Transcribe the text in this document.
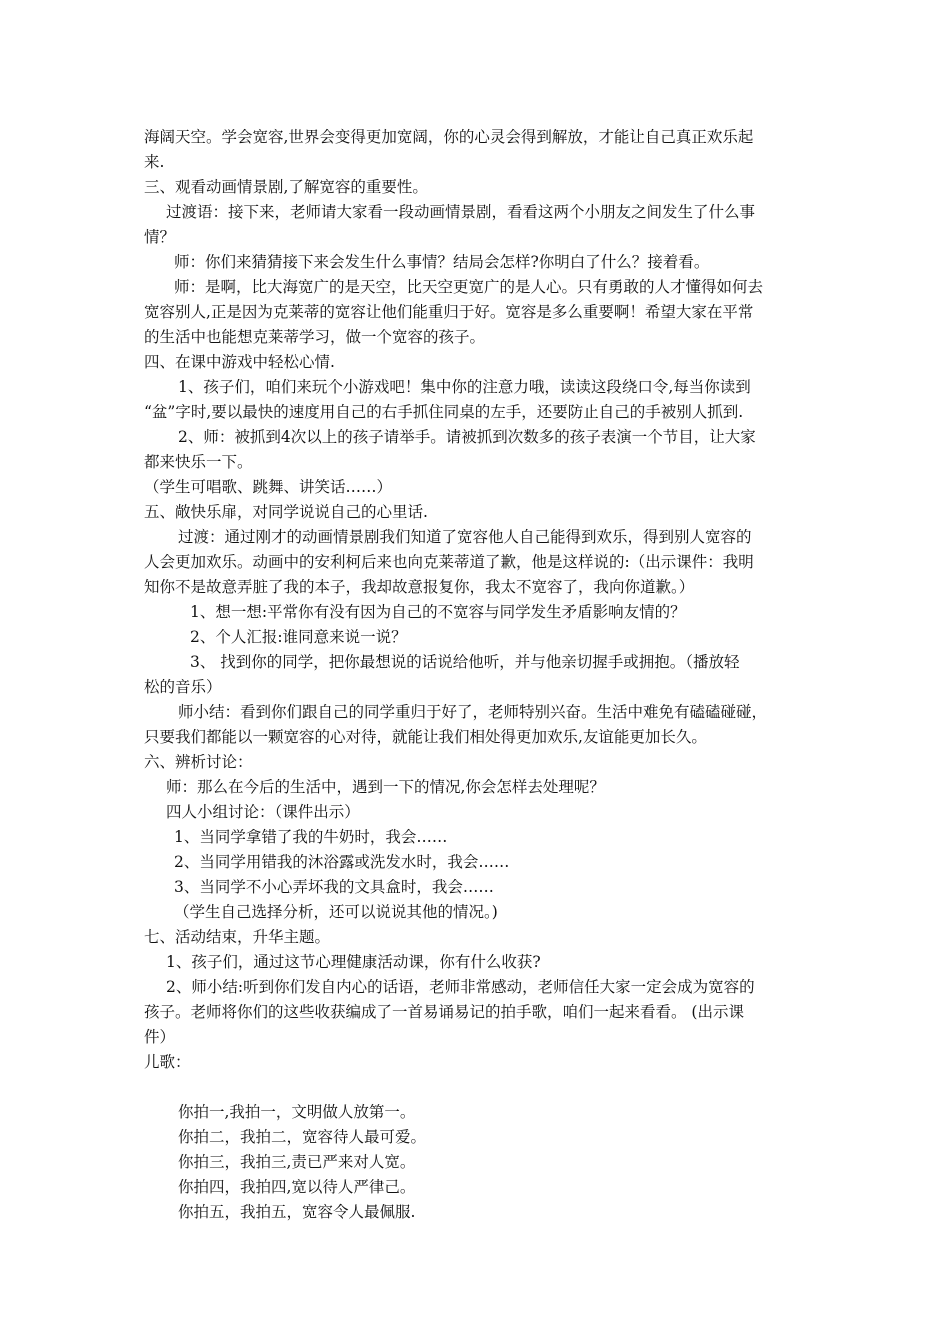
海阔天空。学会宽容,世界会变得更加宽阔，你的心灵会得到解放，才能让自己真正欢乐起
来.
三、观看动画情景剧,了解宽容的重要性。
过渡语：接下来，老师请大家看一段动画情景剧，看看这两个小朋友之间发生了什么事
情？
师：你们来猜猜接下来会发生什么事情？结局会怎样?你明白了什么？接着看。
师：是啊，比大海宽广的是天空，比天空更宽广的是人心。只有勇敢的人才懂得如何去
宽容别人,正是因为克莱蒂的宽容让他们能重归于好。宽容是多么重要啊！希望大家在平常
的生活中也能想克莱蒂学习，做一个宽容的孩子。
四、在课中游戏中轻松心情.
1、孩子们，咱们来玩个小游戏吧！集中你的注意力哦，读读这段绕口令,每当你读到
“盆”字时,要以最快的速度用自己的右手抓住同桌的左手，还要防止自己的手被别人抓到.
2、师：被抓到4次以上的孩子请举手。请被抓到次数多的孩子表演一个节目，让大家
都来快乐一下。
（学生可唱歌、跳舞、讲笑话……）
五、敞快乐扉，对同学说说自己的心里话.
过渡：通过刚才的动画情景剧我们知道了宽容他人自己能得到欢乐，得到别人宽容的
人会更加欢乐。动画中的安利柯后来也向克莱蒂道了歉，他是这样说的:（出示课件：我明
知你不是故意弄脏了我的本子，我却故意报复你，我太不宽容了，我向你道歉。）
1、想一想:平常你有没有因为自己的不宽容与同学发生矛盾影响友情的？
2、个人汇报:谁同意来说一说？
3、 找到你的同学，把你最想说的话说给他听，并与他亲切握手或拥抱。（播放轻
松的音乐）
师小结：看到你们跟自己的同学重归于好了，老师特别兴奋。生活中难免有磕磕碰碰，
只要我们都能以一颗宽容的心对待，就能让我们相处得更加欢乐,友谊能更加长久。
六、辨析讨论：
师：那么在今后的生活中，遇到一下的情况,你会怎样去处理呢？
四人小组讨论：（课件出示）
1、当同学拿错了我的牛奶时，我会……
2、当同学用错我的沐浴露或洗发水时，我会……
3、当同学不小心弄坏我的文具盒时，我会……
（学生自己选择分析，还可以说说其他的情况。)
七、活动结束，升华主题。
1、孩子们，通过这节心理健康活动课，你有什么收获?
2、师小结:听到你们发自内心的话语，老师非常感动，老师信任大家一定会成为宽容的
孩子。老师将你们的这些收获编成了一首易诵易记的拍手歌，咱们一起来看看。 (出示课
件）
儿歌：
你拍一,我拍一，文明做人放第一。
你拍二，我拍二，宽容待人最可爱。
你拍三，我拍三,责已严来对人宽。
你拍四，我拍四,宽以待人严律己。
你拍五，我拍五，宽容令人最佩服.
